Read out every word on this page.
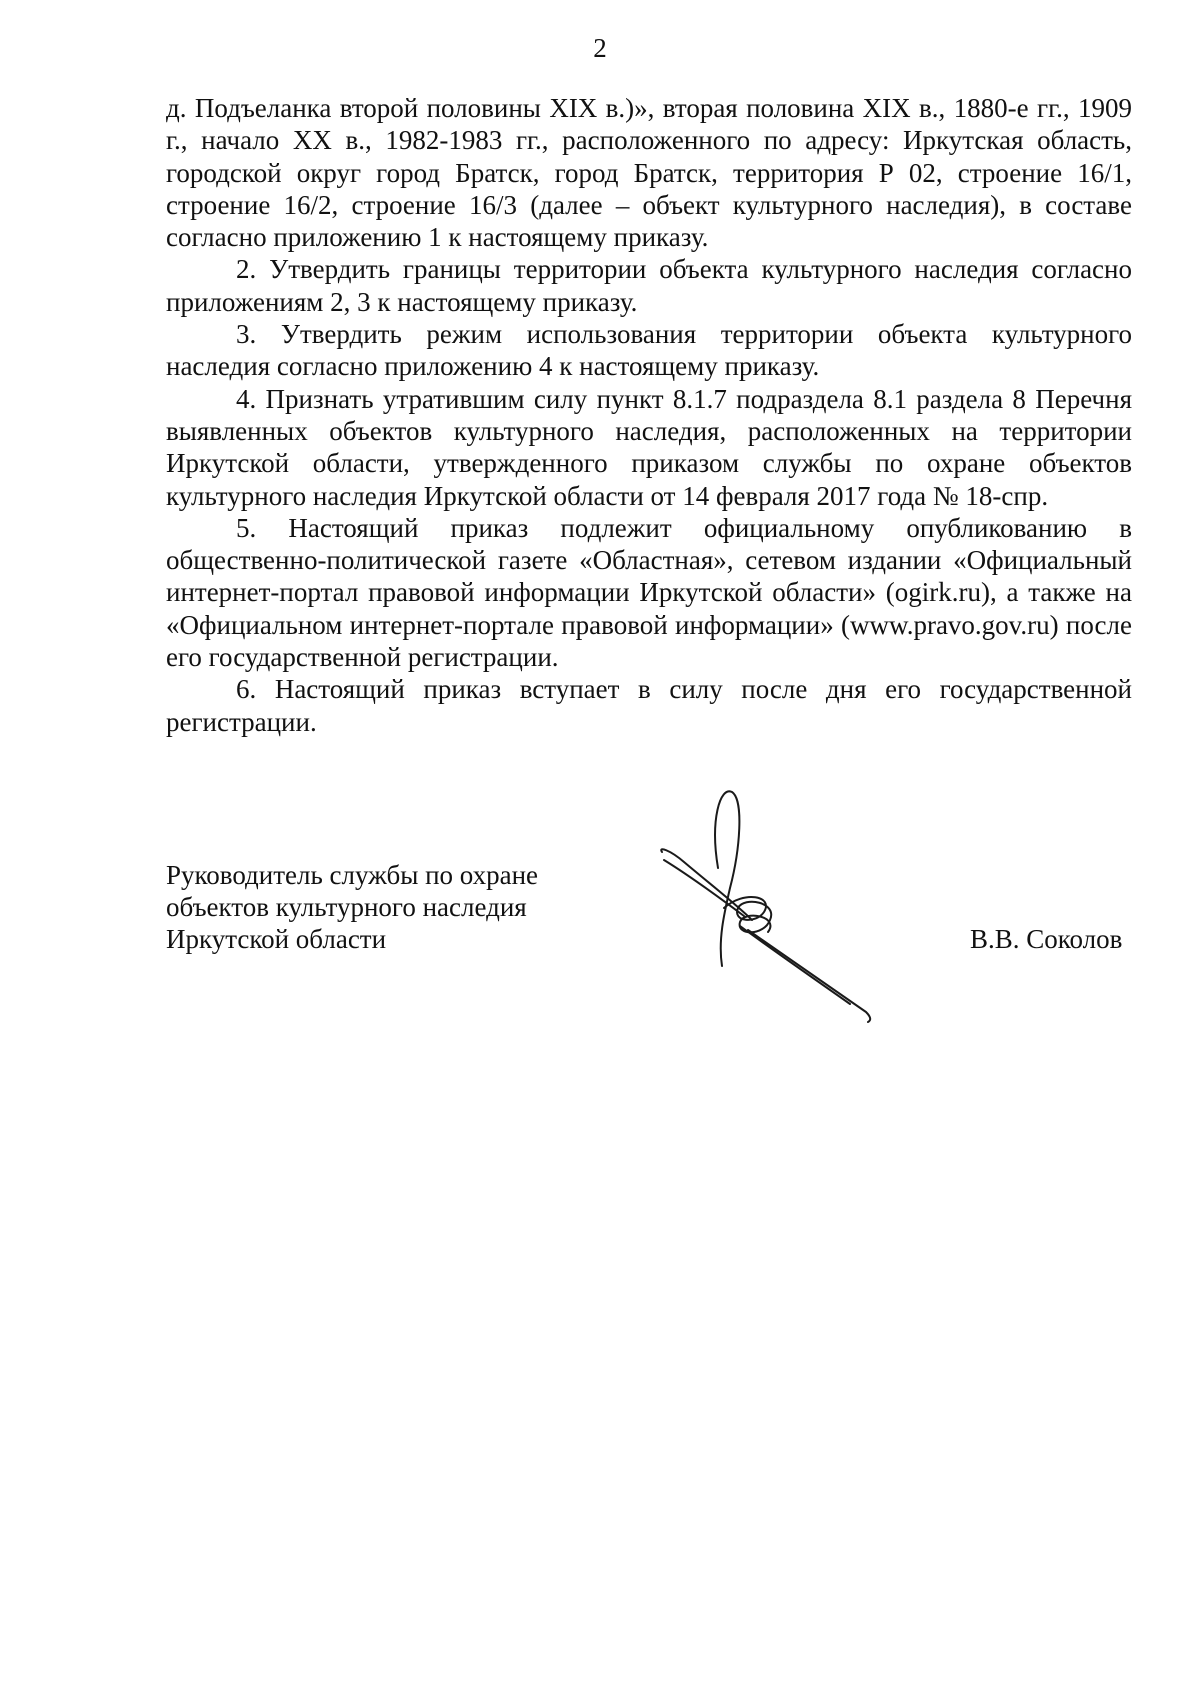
2

д. Подъеланка второй половины XIX в.)», вторая половина XIX в., 1880-е гг., 1909 г., начало XX в., 1982-1983 гг., расположенного по адресу: Иркутская область, городской округ город Братск, город Братск, территория Р 02, строение 16/1, строение 16/2, строение 16/3 (далее – объект культурного наследия), в составе согласно приложению 1 к настоящему приказу.

2. Утвердить границы территории объекта культурного наследия согласно приложениям 2, 3 к настоящему приказу.

3. Утвердить режим использования территории объекта культурного наследия согласно приложению 4 к настоящему приказу.

4. Признать утратившим силу пункт 8.1.7 подраздела 8.1 раздела 8 Перечня выявленных объектов культурного наследия, расположенных на территории Иркутской области, утвержденного приказом службы по охране объектов культурного наследия Иркутской области от 14 февраля 2017 года № 18-спр.

5. Настоящий приказ подлежит официальному опубликованию в общественно-политической газете «Областная», сетевом издании «Официальный интернет-портал правовой информации Иркутской области» (ogirk.ru), а также на «Официальном интернет-портале правовой информации» (www.pravo.gov.ru) после его государственной регистрации.

6. Настоящий приказ вступает в силу после дня его государственной регистрации.

Руководитель службы по охране
объектов культурного наследия
Иркутской области	В.В. Соколов
